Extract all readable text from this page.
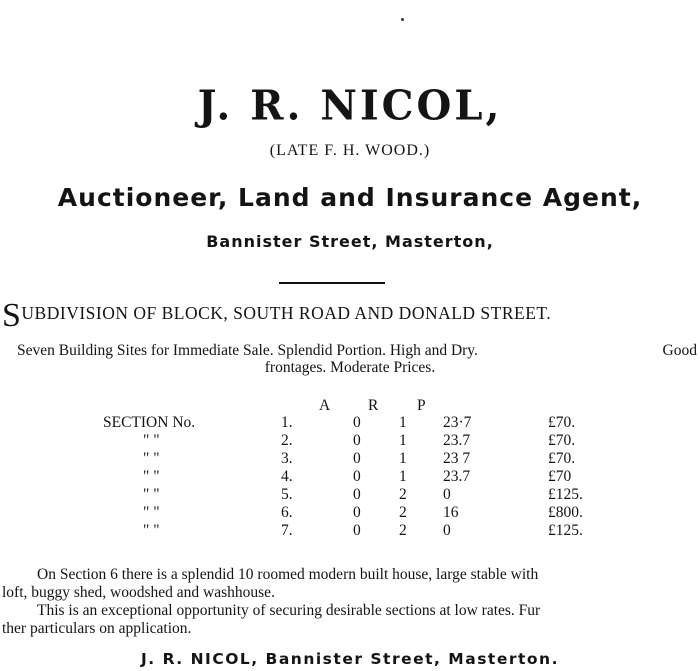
J. R. NICOL,
(LATE F. H. WOOD.)
Auctioneer, Land and Insurance Agent,
Bannister Street, Masterton,
SUBDIVISION OF BLOCK, SOUTH ROAD AND DONALD STREET.
Seven Building Sites for Immediate Sale. Splendid Portion. High and Dry.	Good
frontages. Moderate Prices.
A R P
SECTION No.	1.	0	1	23·7	£70.
" "	2.	0	1	23.7	£70.
" "	3.	0	1	23 7	£70.
" "	4.	0	1	23.7	£70
" "	5.	0	2	0	£125.
" "	6.	0	2	16	£800.
" "	7.	0	2	0	£125.
On Section 6 there is a splendid 10 roomed modern built house, large stable with
loft, buggy shed, woodshed and washhouse.
This is an exceptional opportunity of securing desirable sections at low rates. Fur
ther particulars on application.
J. R. NICOL, Bannister Street, Masterton.
